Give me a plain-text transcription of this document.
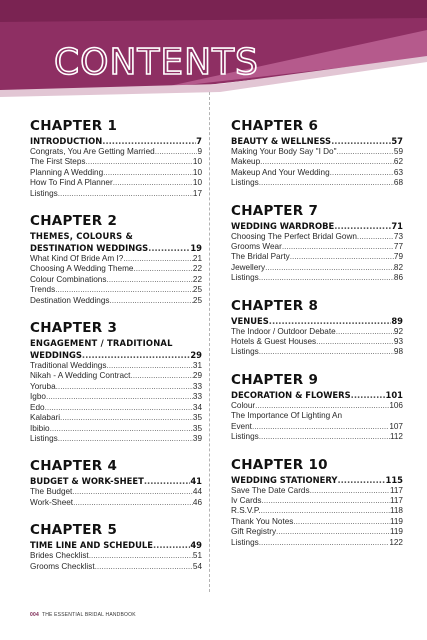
CONTENTS
CHAPTER 1
INTRODUCTION .....	7
Congrats, You Are Getting Married .....	9
The First Steps .....	10
Planning A Wedding .....	10
How To Find A Planner .....	10
Listings .....	17
CHAPTER 2
THEMES, COLOURS &
DESTINATION WEDDINGS .....	19
What Kind Of Bride Am I? .....	21
Choosing A Wedding Theme .....	22
Colour Combinations .....	22
Trends .....	25
Destination Weddings .....	25
CHAPTER 3
ENGAGEMENT / TRADITIONAL
WEDDINGS .....	29
Traditional Weddings .....	31
Nikah - A Wedding Contract .....	29
Yoruba .....	33
Igbo .....	33
Edo .....	34
Kalabari .....	35
Ibibio .....	35
Listings .....	39
CHAPTER 4
BUDGET & WORK-SHEET .....	41
The Budget .....	44
Work-Sheet .....	46
CHAPTER 5
TIME LINE AND SCHEDULE .....	49
Brides Checklist .....	51
Grooms Checklist .....	54
CHAPTER 6
BEAUTY & WELLNESS .....	57
Making Your Body Say "I Do" .....	59
Makeup .....	62
Makeup And Your Wedding .....	63
Listings .....	68
CHAPTER 7
WEDDING WARDROBE .....	71
Choosing The Perfect Bridal Gown .....	73
Grooms Wear .....	77
The Bridal Party .....	79
Jewellery .....	82
Listings .....	86
CHAPTER 8
VENUES .....	89
The Indoor / Outdoor Debate .....	92
Hotels & Guest Houses .....	93
Listings .....	98
CHAPTER 9
DECORATION & FLOWERS .....	101
Colour .....	106
The Importance Of Lighting An
Event .....	107
Listings .....	112
CHAPTER 10
WEDDING STATIONERY .....	115
Save The Date Cards .....	117
Iv Cards .....	117
R.S.V.P. .....	118
Thank You Notes .....	119
Gift Registry .....	119
Listings .....	122
004 THE ESSENTIAL BRIDAL HANDBOOK
